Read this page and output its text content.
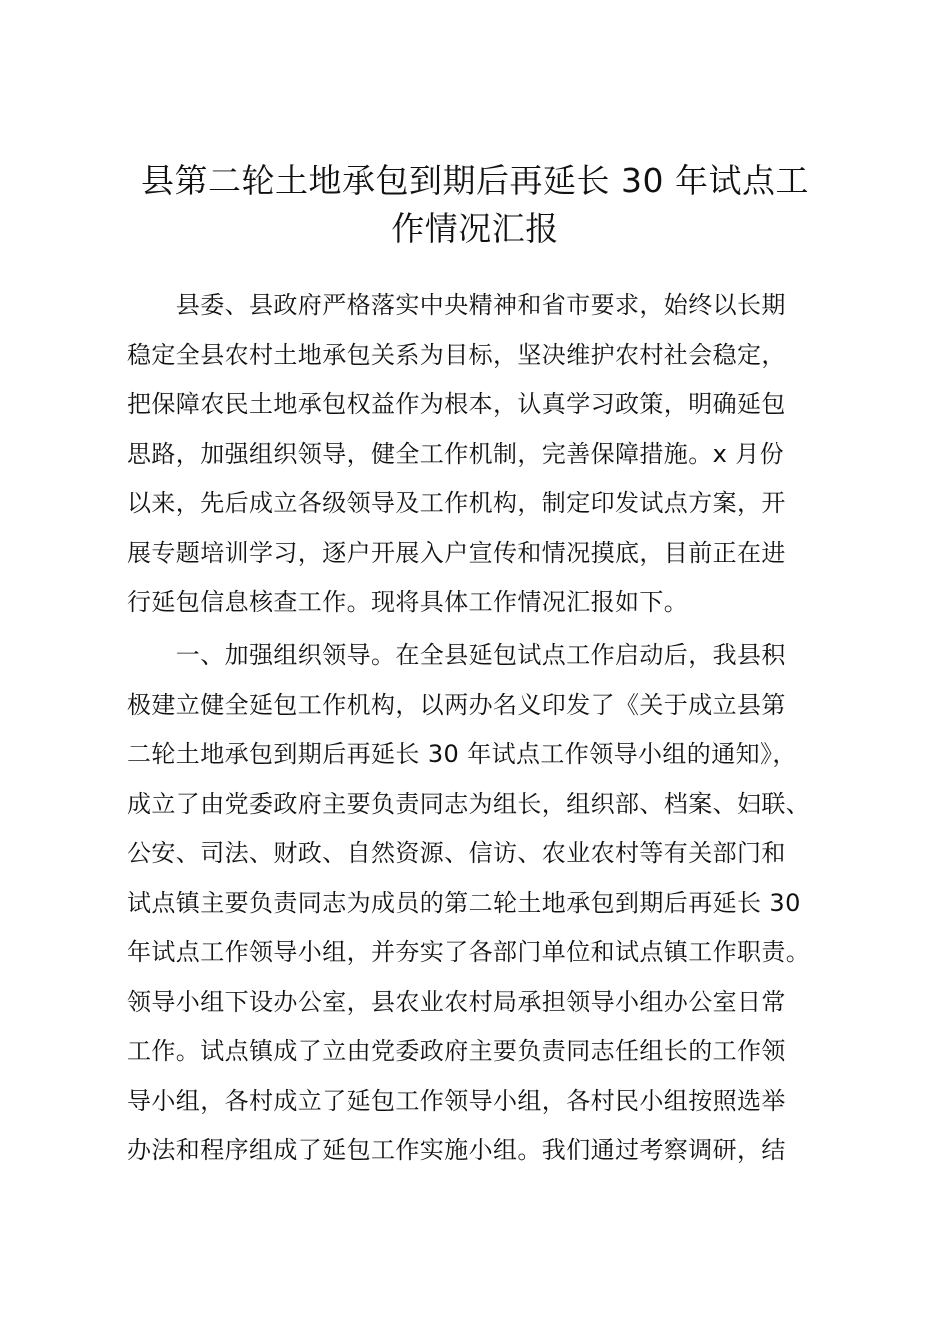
县第二轮土地承包到期后再延长 30 年试点工
作情况汇报
　　县委、县政府严格落实中央精神和省市要求，始终以长期
稳定全县农村土地承包关系为目标，坚决维护农村社会稳定，
把保障农民土地承包权益作为根本，认真学习政策，明确延包
思路，加强组织领导，健全工作机制，完善保障措施。x 月份
以来，先后成立各级领导及工作机构，制定印发试点方案，开
展专题培训学习，逐户开展入户宣传和情况摸底，目前正在进
行延包信息核查工作。现将具体工作情况汇报如下。
　　一、加强组织领导。在全县延包试点工作启动后，我县积
极建立健全延包工作机构，以两办名义印发了《关于成立县第
二轮土地承包到期后再延长 30 年试点工作领导小组的通知》，
成立了由党委政府主要负责同志为组长，组织部、档案、妇联、
公安、司法、财政、自然资源、信访、农业农村等有关部门和
试点镇主要负责同志为成员的第二轮土地承包到期后再延长 30
年试点工作领导小组，并夯实了各部门单位和试点镇工作职责。
领导小组下设办公室，县农业农村局承担领导小组办公室日常
工作。试点镇成了立由党委政府主要负责同志任组长的工作领
导小组，各村成立了延包工作领导小组，各村民小组按照选举
办法和程序组成了延包工作实施小组。我们通过考察调研，结
